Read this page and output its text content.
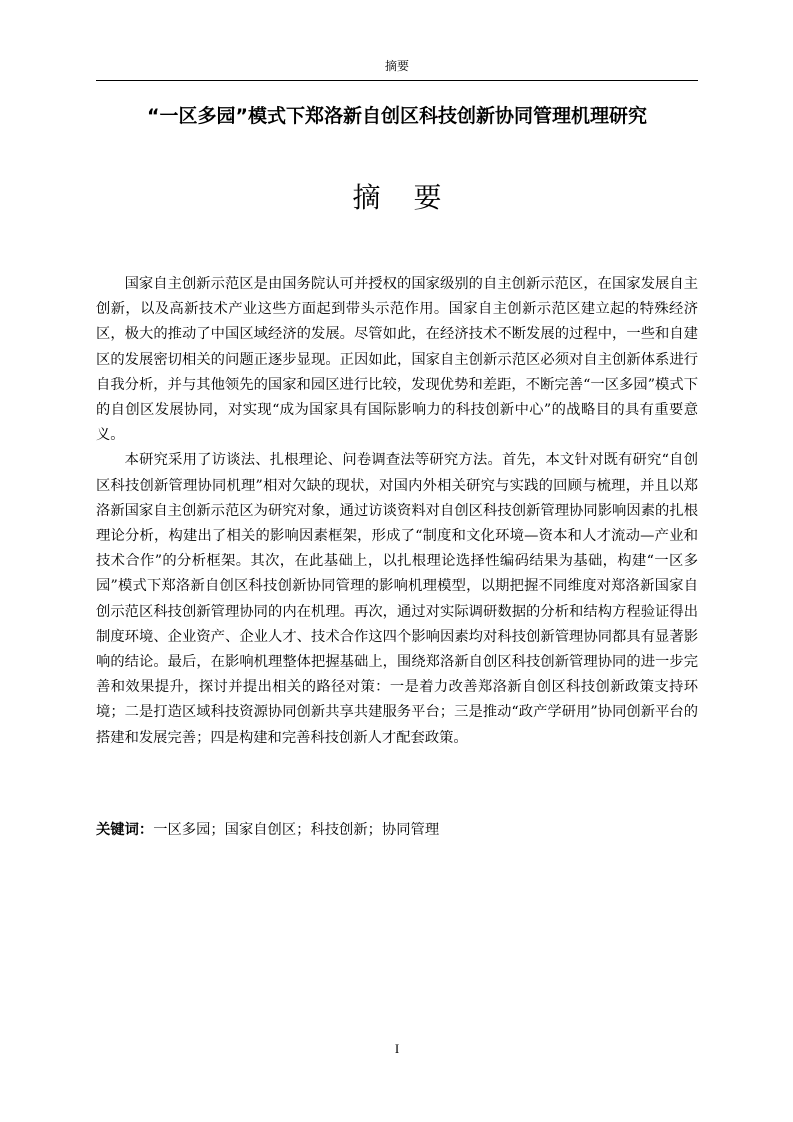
摘要
“一区多园”模式下郑洛新自创区科技创新协同管理机理研究
摘 要

国家自主创新示范区是由国务院认可并授权的国家级别的自主创新示范区，在国家发展自主创新，以及高新技术产业这些方面起到带头示范作用。国家自主创新示范区建立起的特殊经济区，极大的推动了中国区域经济的发展。尽管如此，在经济技术不断发展的过程中，一些和自建区的发展密切相关的问题正逐步显现。正因如此，国家自主创新示范区必须对自主创新体系进行自我分析，并与其他领先的国家和园区进行比较，发现优势和差距，不断完善“一区多园”模式下的自创区发展协同，对实现“成为国家具有国际影响力的科技创新中心”的战略目的具有重要意义。

本研究采用了访谈法、扎根理论、问卷调查法等研究方法。首先，本文针对既有研究“自创区科技创新管理协同机理”相对欠缺的现状，对国内外相关研究与实践的回顾与梳理，并且以郑洛新国家自主创新示范区为研究对象，通过访谈资料对自创区科技创新管理协同影响因素的扎根理论分析，构建出了相关的影响因素框架，形成了“制度和文化环境—资本和人才流动—产业和技术合作”的分析框架。其次，在此基础上，以扎根理论选择性编码结果为基础，构建“一区多园”模式下郑洛新自创区科技创新协同管理的影响机理模型，以期把握不同维度对郑洛新国家自创示范区科技创新管理协同的内在机理。再次，通过对实际调研数据的分析和结构方程验证得出制度环境、企业资产、企业人才、技术合作这四个影响因素均对科技创新管理协同都具有显著影响的结论。最后，在影响机理整体把握基础上，围绕郑洛新自创区科技创新管理协同的进一步完善和效果提升，探讨并提出相关的路径对策：一是着力改善郑洛新自创区科技创新政策支持环境；二是打造区域科技资源协同创新共享共建服务平台；三是推动“政产学研用”协同创新平台的搭建和发展完善；四是构建和完善科技创新人才配套政策。

关键词：一区多园；国家自创区；科技创新；协同管理
I
